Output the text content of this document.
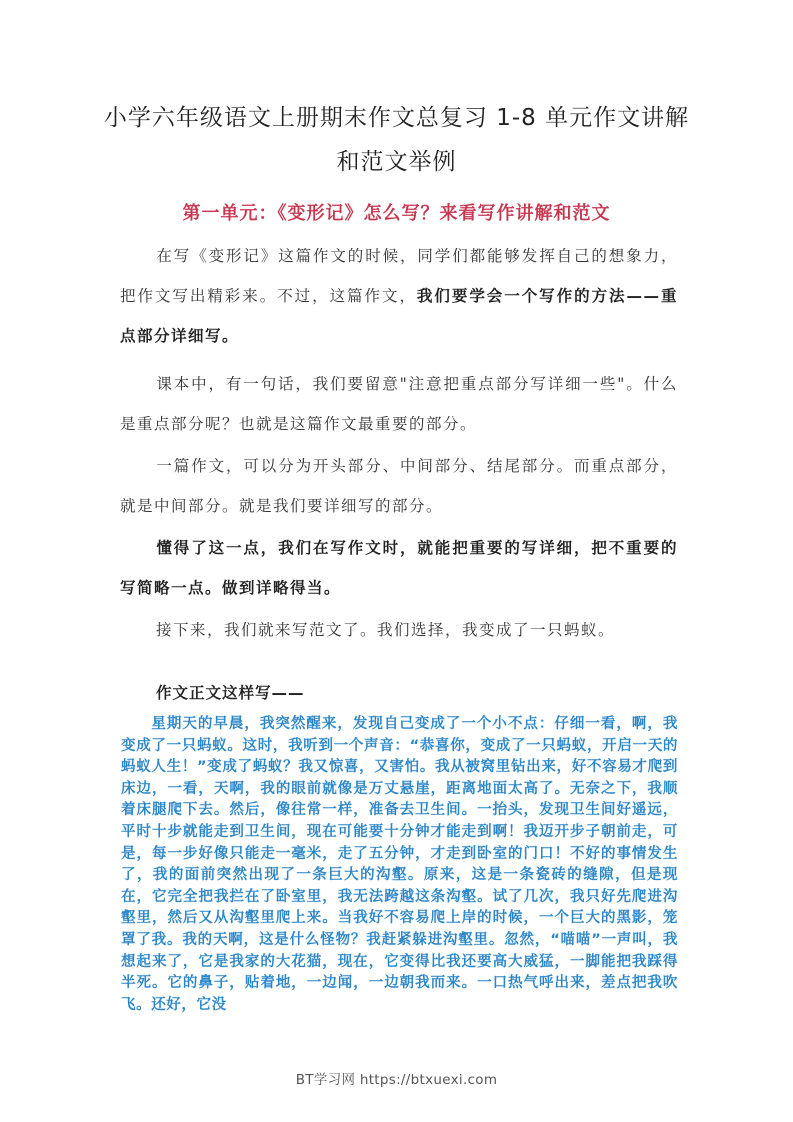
小学六年级语文上册期末作文总复习 1-8 单元作文讲解
和范文举例
第一单元：《变形记》怎么写？来看写作讲解和范文
在写《变形记》这篇作文的时候，同学们都能够发挥自己的想象力，把作文写出精彩来。不过，这篇作文，我们要学会一个写作的方法——重点部分详细写。
课本中，有一句话，我们要留意"注意把重点部分写详细一些"。什么是重点部分呢？也就是这篇作文最重要的部分。
一篇作文，可以分为开头部分、中间部分、结尾部分。而重点部分，就是中间部分。就是我们要详细写的部分。
懂得了这一点，我们在写作文时，就能把重要的写详细，把不重要的写简略一点。做到详略得当。
接下来，我们就来写范文了。我们选择，我变成了一只蚂蚁。
作文正文这样写——
星期天的早晨，我突然醒来，发现自己变成了一个小不点：仔细一看，啊，我变成了一只蚂蚁。这时，我听到一个声音：“恭喜你，变成了一只蚂蚁，开启一天的蚂蚁人生！”变成了蚂蚁？我又惊喜，又害怕。我从被窝里钻出来，好不容易才爬到床边，一看，天啊，我的眼前就像是万丈悬崖，距离地面太高了。无奈之下，我顺着床腿爬下去。然后，像往常一样，准备去卫生间。一抬头，发现卫生间好遥远，平时十步就能走到卫生间，现在可能要十分钟才能走到啊！我迈开步子朝前走，可是，每一步好像只能走一毫米，走了五分钟，才走到卧室的门口！不好的事情发生了，我的面前突然出现了一条巨大的沟壑。原来，这是一条瓷砖的缝隙，但是现在，它完全把我拦在了卧室里，我无法跨越这条沟壑。试了几次，我只好先爬进沟壑里，然后又从沟壑里爬上来。当我好不容易爬上岸的时候，一个巨大的黑影，笼罩了我。我的天啊，这是什么怪物？我赶紧躲进沟壑里。忽然，“喵喵”一声叫，我想起来了，它是我家的大花猫，现在，它变得比我还要高大威猛，一脚能把我踩得半死。它的鼻子，贴着地，一边闻，一边朝我而来。一口热气呼出来，差点把我吹飞。还好，它没
BT学习网 https://btxuexi.com
